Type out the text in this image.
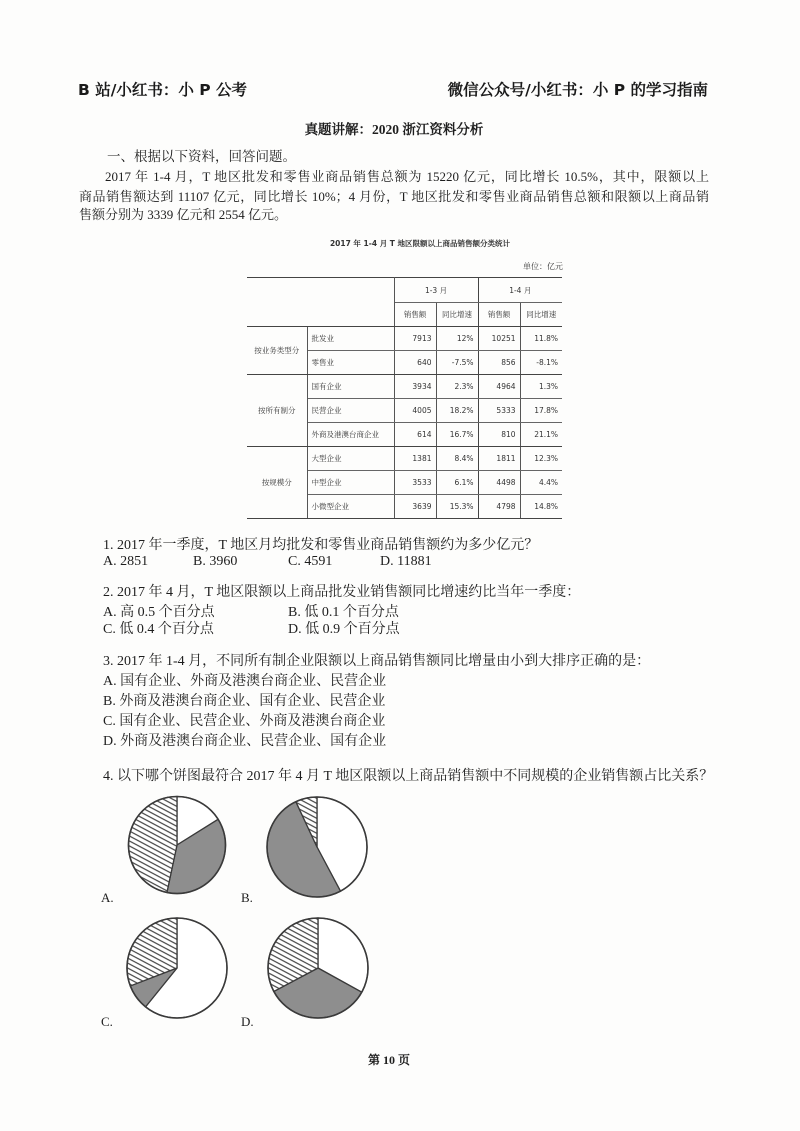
B 站/小红书：小 P 公考	微信公众号/小红书：小 P 的学习指南
真题讲解：2020 浙江资料分析
一、根据以下资料，回答问题。
2017 年 1-4 月，T 地区批发和零售业商品销售总额为 15220 亿元，同比增长 10.5%，其中，限额以上
商品销售额达到 11107 亿元，同比增长 10%；4 月份，T 地区批发和零售业商品销售总额和限额以上商品销
售额分别为 3339 亿元和 2554 亿元。
2017 年 1-4 月 T 地区限额以上商品销售额分类统计
单位：亿元
		1-3 月		1-4 月	
		销售额	同比增速	销售额	同比增速
按业务类型分	批发业	7913	12%	10251	11.8%
	零售业	640	-7.5%	856	-8.1%
按所有制分	国有企业	3934	2.3%	4964	1.3%
	民营企业	4005	18.2%	5333	17.8%
	外商及港澳台商企业	614	16.7%	810	21.1%
按规模分	大型企业	1381	8.4%	1811	12.3%
	中型企业	3533	6.1%	4498	4.4%
	小微型企业	3639	15.3%	4798	14.8%
1. 2017 年一季度，T 地区月均批发和零售业商品销售额约为多少亿元？
A. 2851	B. 3960	C. 4591	D. 11881
2. 2017 年 4 月，T 地区限额以上商品批发业销售额同比增速约比当年一季度：
A. 高 0.5 个百分点	B. 低 0.1 个百分点
C. 低 0.4 个百分点	D. 低 0.9 个百分点
3. 2017 年 1-4 月，不同所有制企业限额以上商品销售额同比增量由小到大排序正确的是：
A. 国有企业、外商及港澳台商企业、民营企业
B. 外商及港澳台商企业、国有企业、民营企业
C. 国有企业、民营企业、外商及港澳台商企业
D. 外商及港澳台商企业、民营企业、国有企业
4. 以下哪个饼图最符合 2017 年 4 月 T 地区限额以上商品销售额中不同规模的企业销售额占比关系？
A.	B.
C.	D.
第 10 页
